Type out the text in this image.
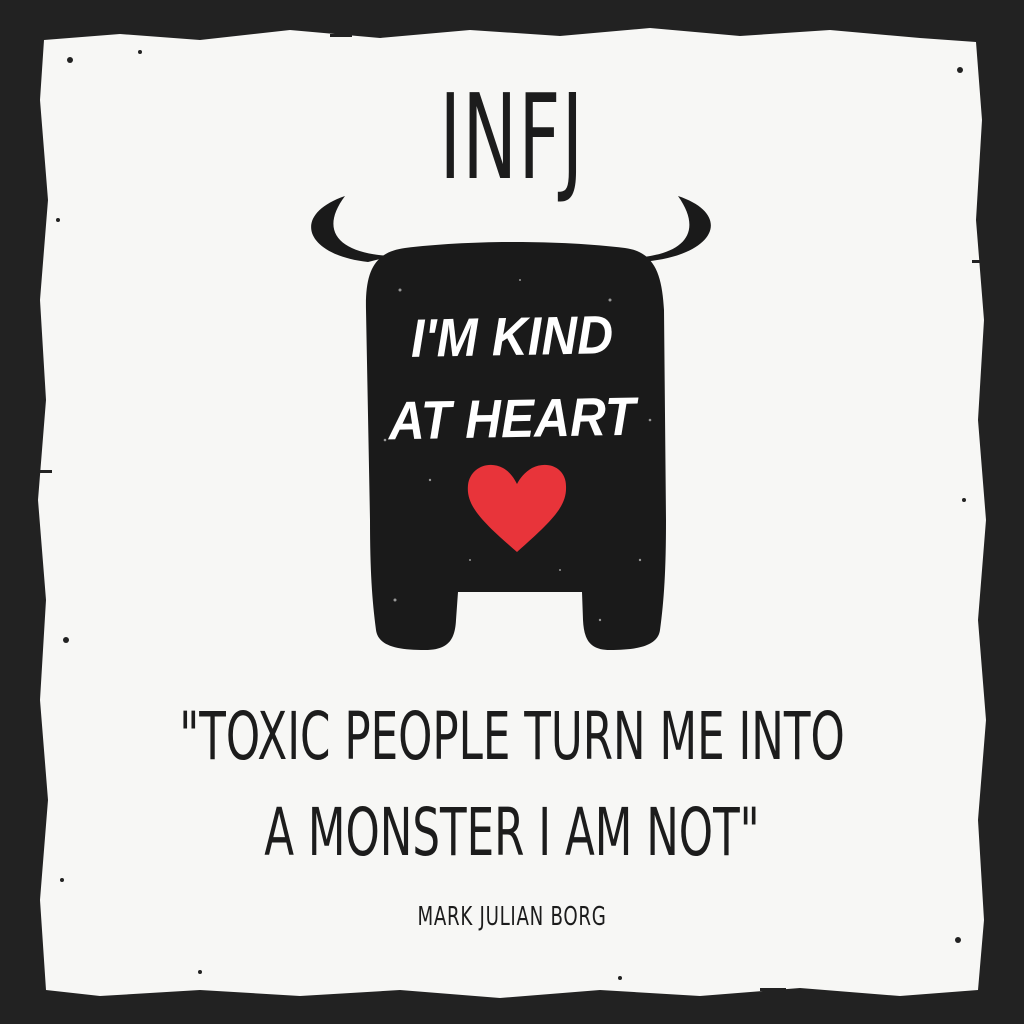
INFJ
I'M KIND
AT HEART
"TOXIC PEOPLE TURN ME INTO
A MONSTER I AM NOT"
MARK JULIAN BORG
